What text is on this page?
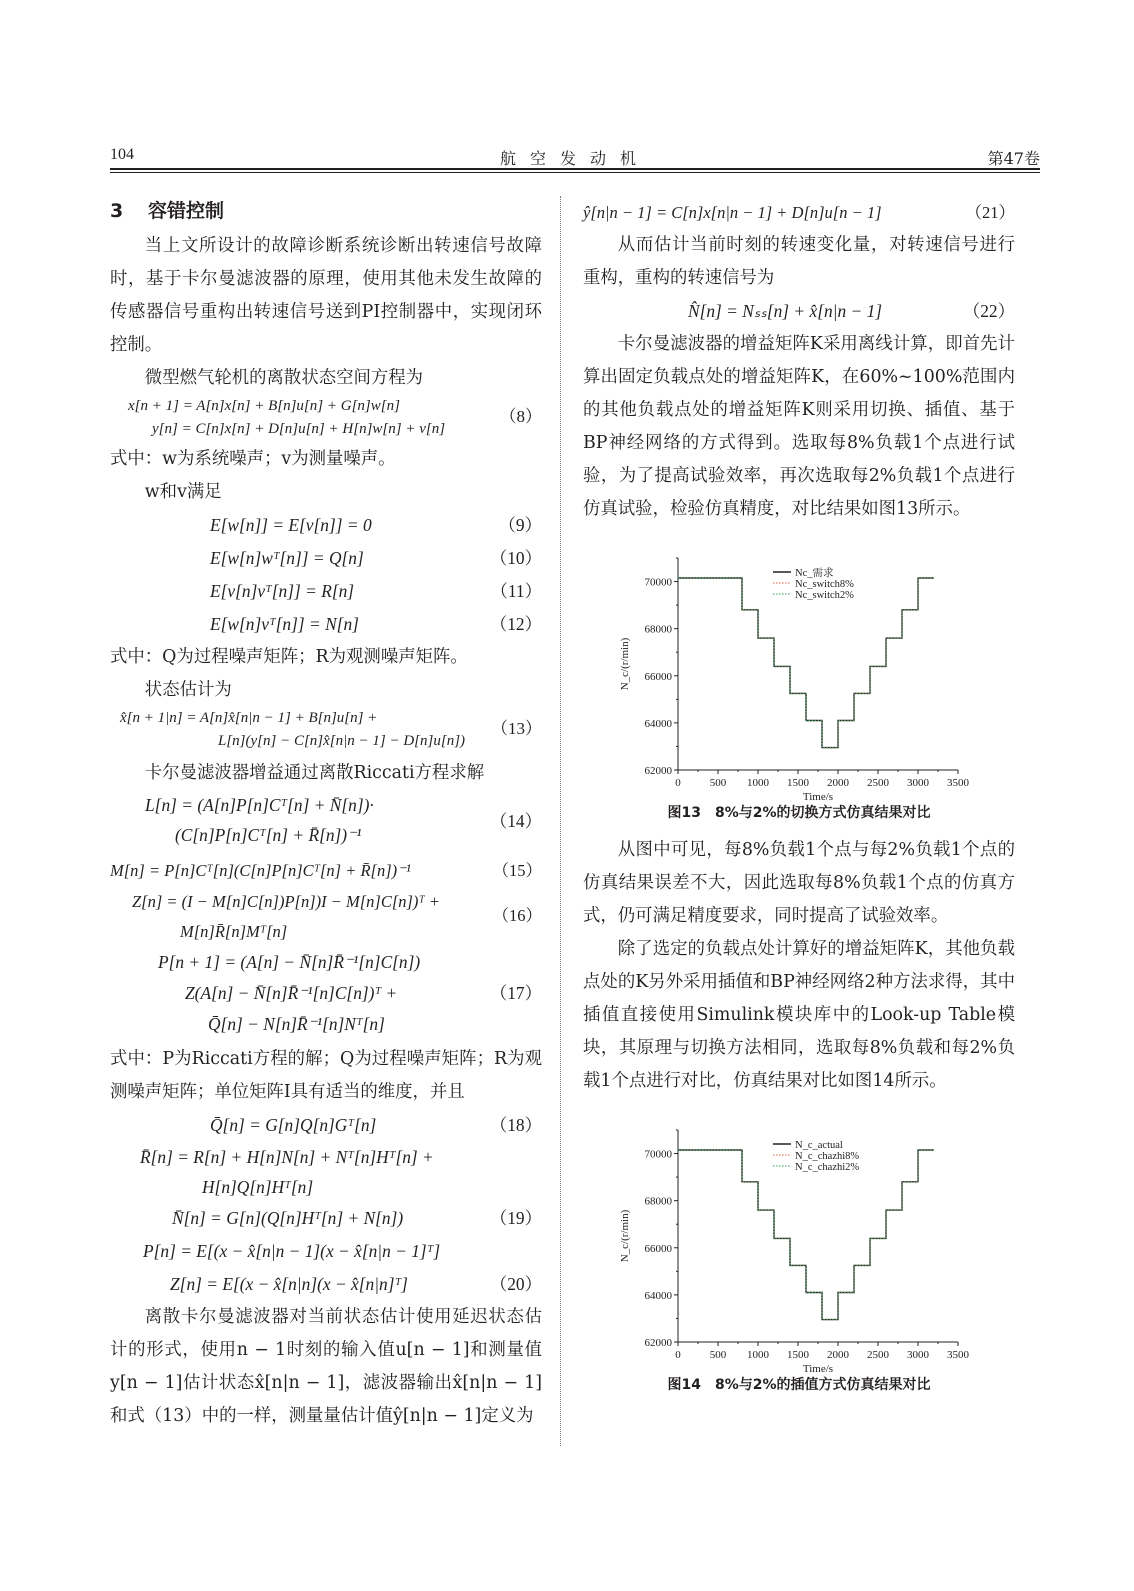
104	航空发动机	第47卷
3 容错控制

当上文所设计的故障诊断系统诊断出转速信号故障时，基于卡尔曼滤波器的原理，使用其他未发生故障的传感器信号重构出转速信号送到PI控制器中，实现闭环控制。

微型燃气轮机的离散状态空间方程为

x[n + 1] = A[n]x[n] + B[n]u[n] + G[n]w[n]
y[n] = C[n]x[n] + D[n]u[n] + H[n]w[n] + v[n]
（8）

式中：w为系统噪声；v为测量噪声。

w和v满足

E[w[n]] = E[v[n]] = 0	（9）
E[w[n]wᵀ[n]] = Q[n]	（10）
E[v[n]vᵀ[n]] = R[n]	（11）
E[w[n]vᵀ[n]] = N[n]	（12）

式中：Q为过程噪声矩阵；R为观测噪声矩阵。

状态估计为

x̂[n + 1|n] = A[n]x̂[n|n − 1] + B[n]u[n] +
L[n](y[n] − C[n]x̂[n|n − 1] − D[n]u[n])
（13）

卡尔曼滤波器增益通过离散Riccati方程求解

L[n] = (A[n]P[n]Cᵀ[n] + N̄[n])·
(C[n]P[n]Cᵀ[n] + R̄[n])⁻¹
（14）
M[n] = P[n]Cᵀ[n](C[n]P[n]Cᵀ[n] + R̄[n])⁻¹	（15）
Z[n] = (I − M[n]C[n])P[n])I − M[n]C[n])ᵀ +
M[n]R̄[n]Mᵀ[n]
（16）
P[n + 1] = (A[n] − N̄[n]R̄⁻¹[n]C[n])
Z(A[n] − N̄[n]R̄⁻¹[n]C[n])ᵀ +
Q̄[n] − N[n]R̄⁻¹[n]Nᵀ[n]
（17）

式中：P为Riccati方程的解；Q为过程噪声矩阵；R为观测噪声矩阵；单位矩阵I具有适当的维度，并且

Q̄[n] = G[n]Q[n]Gᵀ[n]	（18）
R̄[n] = R[n] + H[n]N[n] + Nᵀ[n]Hᵀ[n] +
H[n]Q[n]Hᵀ[n]
N̄[n] = G[n](Q[n]Hᵀ[n] + N[n])	（19）
P[n] = E[(x − x̂[n|n − 1](x − x̂[n|n − 1]ᵀ]
Z[n] = E[(x − x̂[n|n](x − x̂[n|n]ᵀ]	（20）

离散卡尔曼滤波器对当前状态估计使用延迟状态估计的形式，使用n − 1时刻的输入值u[n − 1]和测量值y[n − 1]估计状态x̂[n|n − 1]，滤波器输出x̂[n|n − 1]和式（13）中的一样，测量量估计值ŷ[n|n − 1]定义为

ŷ[n|n − 1] = C[n]x[n|n − 1] + D[n]u[n − 1]	（21）

从而估计当前时刻的转速变化量，对转速信号进行重构，重构的转速信号为

N̂[n] = Nₛₛ[n] + x̂[n|n − 1]	（22）

卡尔曼滤波器的增益矩阵K采用离线计算，即首先计算出固定负载点处的增益矩阵K，在60%~100%范围内的其他负载点处的增益矩阵K则采用切换、插值、基于BP神经网络的方式得到。选取每8%负载1个点进行试验，为了提高试验效率，再次选取每2%负载1个点进行仿真试验，检验仿真精度，对比结果如图13所示。

0	500 1000 1500 2000 2500 3000 3500
62000
64000
66000
68000
70000
Time/s
N_c/(r/min)
Nc_需求
Nc_switch8%
Nc_switch2%
图13　8%与2%的切换方式仿真结果对比

从图中可见，每8%负载1个点与每2%负载1个点的仿真结果误差不大，因此选取每8%负载1个点的仿真方式，仍可满足精度要求，同时提高了试验效率。

除了选定的负载点处计算好的增益矩阵K，其他负载点处的K另外采用插值和BP神经网络2种方法求得，其中插值直接使用Simulink模块库中的Look-up Table模块，其原理与切换方法相同，选取每8%负载和每2%负载1个点进行对比，仿真结果对比如图14所示。

0	500 1000 1500 2000 2500 3000 3500
62000
64000
66000
68000
70000
Time/s
N_c/(r/min)
N_c_actual
N_c_chazhi8%
N_c_chazhi2%
图14　8%与2%的插值方式仿真结果对比
